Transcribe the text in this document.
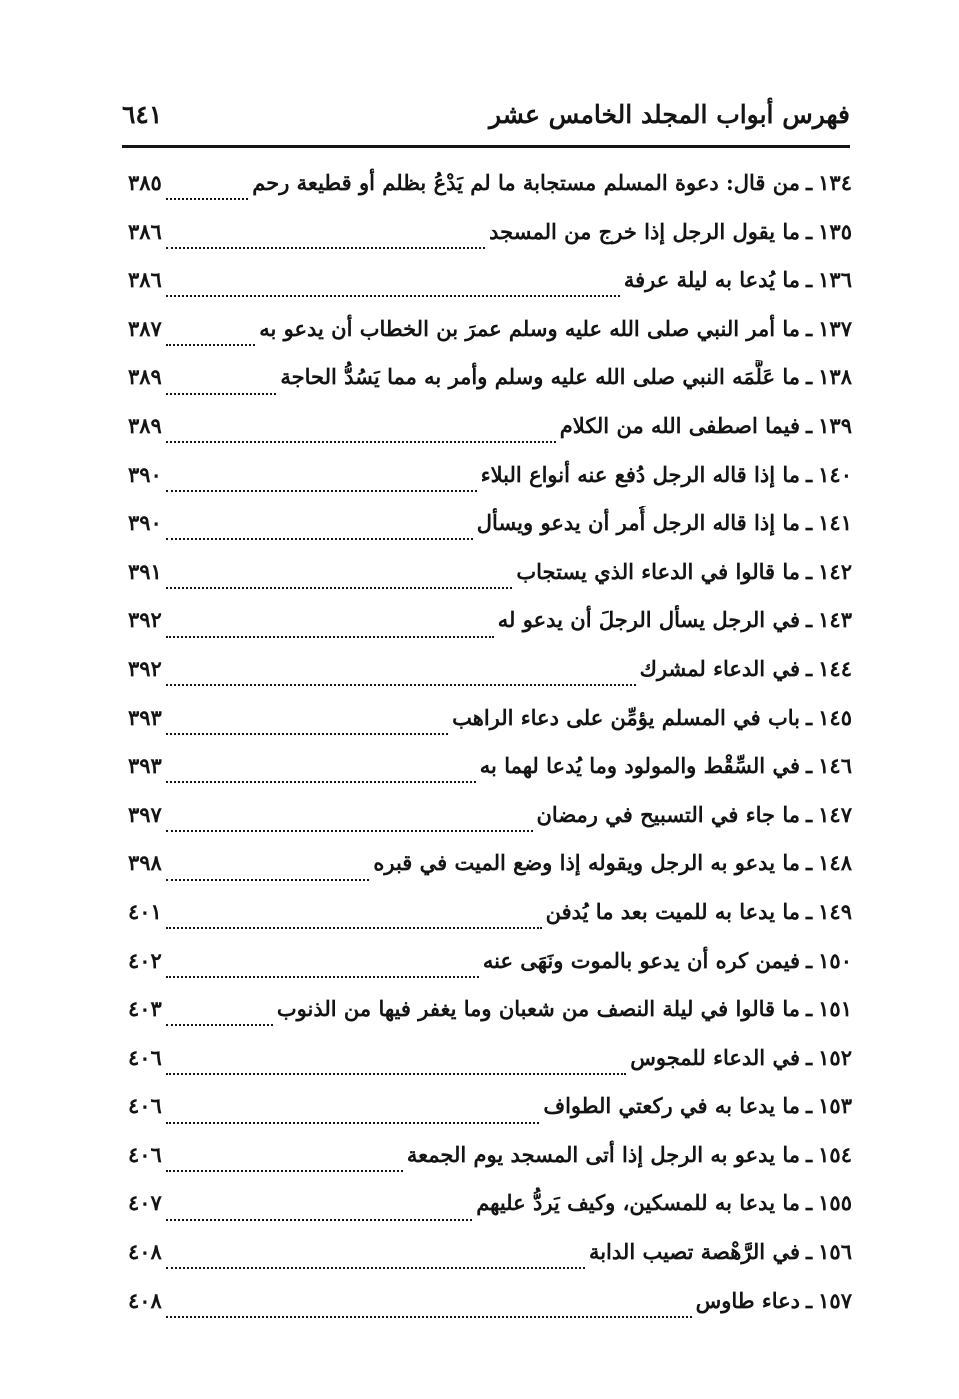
فهرس أبواب المجلد الخامس عشر
٦٤١
١٣٤
ـ
من قال: دعوة المسلم مستجابة ما لم يَدْعُ بظلم أو قطيعة رحم
٣٨٥
١٣٥
ـ
ما يقول الرجل إذا خرج من المسجد
٣٨٦
١٣٦
ـ
ما يُدعا به ليلة عرفة
٣٨٦
١٣٧
ـ
ما أمر النبي صلى الله عليه وسلم عمرَ بن الخطاب أن يدعو به
٣٨٧
١٣٨
ـ
ما عَلَّمَه النبي صلى الله عليه وسلم وأمر به مما يَسُدُّ الحاجة
٣٨٩
١٣٩
ـ
فيما اصطفى الله من الكلام
٣٨٩
١٤٠
ـ
ما إذا قاله الرجل دُفع عنه أنواع البلاء
٣٩٠
١٤١
ـ
ما إذا قاله الرجل أُمر أن يدعو ويسأل
٣٩٠
١٤٢
ـ
ما قالوا في الدعاء الذي يستجاب
٣٩١
١٤٣
ـ
في الرجل يسأل الرجلَ أن يدعو له
٣٩٢
١٤٤
ـ
في الدعاء لمشرك
٣٩٢
١٤٥
ـ
باب في المسلم يؤمِّن على دعاء الراهب
٣٩٣
١٤٦
ـ
في السِّقْط والمولود وما يُدعا لهما به
٣٩٣
١٤٧
ـ
ما جاء في التسبيح في رمضان
٣٩٧
١٤٨
ـ
ما يدعو به الرجل ويقوله إذا وضع الميت في قبره
٣٩٨
١٤٩
ـ
ما يدعا به للميت بعد ما يُدفن
٤٠١
١٥٠
ـ
فيمن كره أن يدعو بالموت ونَهَى عنه
٤٠٢
١٥١
ـ
ما قالوا في ليلة النصف من شعبان وما يغفر فيها من الذنوب
٤٠٣
١٥٢
ـ
في الدعاء للمجوس
٤٠٦
١٥٣
ـ
ما يدعا به في ركعتي الطواف
٤٠٦
١٥٤
ـ
ما يدعو به الرجل إذا أتى المسجد يوم الجمعة
٤٠٦
١٥٥
ـ
ما يدعا به للمسكين، وكيف يَردُّ عليهم
٤٠٧
١٥٦
ـ
في الرَّهْصة تصيب الدابة
٤٠٨
١٥٧
ـ
دعاء طاوس
٤٠٨
